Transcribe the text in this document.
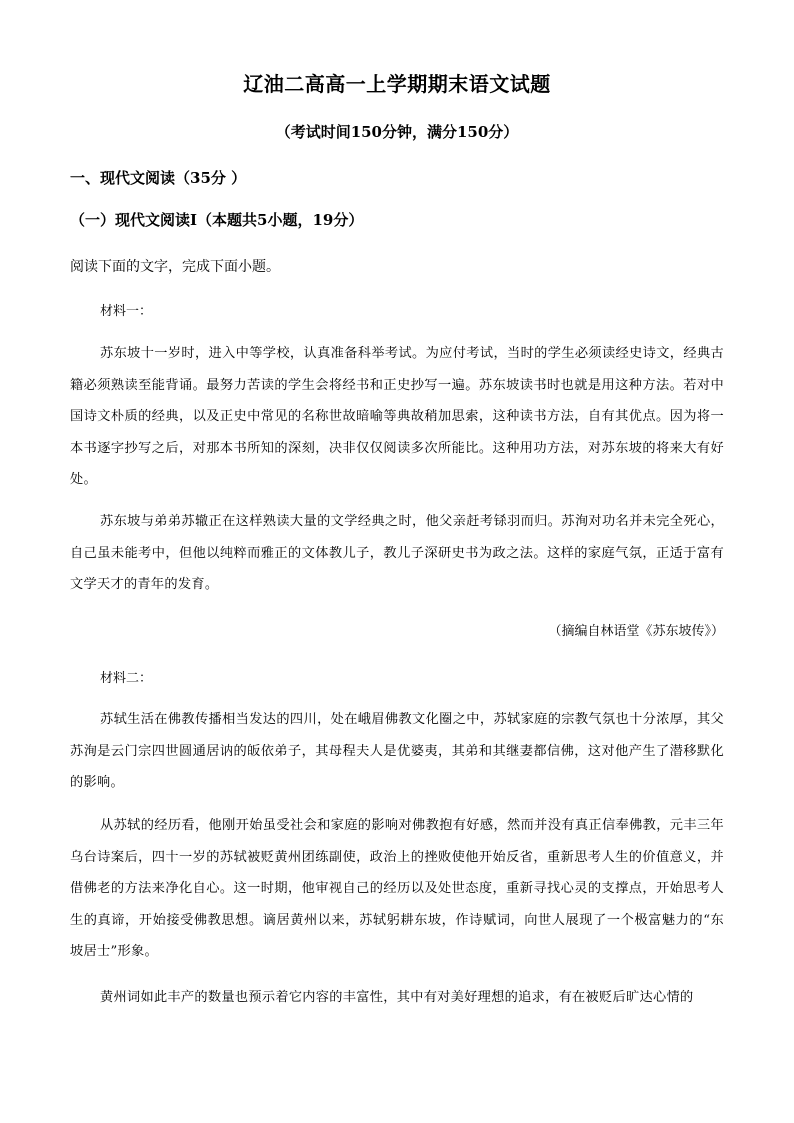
辽油二高高一上学期期末语文试题
（考试时间150分钟，满分150分）
一、现代文阅读（35分 ）
（一）现代文阅读Ⅰ（本题共5小题，19分）
阅读下面的文字，完成下面小题。
材料一：
苏东坡十一岁时，进入中等学校，认真准备科举考试。为应付考试，当时的学生必须读经史诗文，经典古籍必须熟读至能背诵。最努力苦读的学生会将经书和正史抄写一遍。苏东坡读书时也就是用这种方法。若对中国诗文朴质的经典，以及正史中常见的名称世故暗喻等典故稍加思索，这种读书方法，自有其优点。因为将一本书逐字抄写之后，对那本书所知的深刻，决非仅仅阅读多次所能比。这种用功方法，对苏东坡的将来大有好处。
苏东坡与弟弟苏辙正在这样熟读大量的文学经典之时，他父亲赶考铩羽而归。苏洵对功名并未完全死心，自己虽未能考中，但他以纯粹而雅正的文体教儿子，教儿子深研史书为政之法。这样的家庭气氛，正适于富有文学天才的青年的发育。
（摘编自林语堂《苏东坡传》）
材料二：
苏轼生活在佛教传播相当发达的四川，处在峨眉佛教文化圈之中，苏轼家庭的宗教气氛也十分浓厚，其父苏洵是云门宗四世圆通居讷的皈依弟子，其母程夫人是优婆夷，其弟和其继妻都信佛，这对他产生了潜移默化的影响。
从苏轼的经历看，他刚开始虽受社会和家庭的影响对佛教抱有好感，然而并没有真正信奉佛教，元丰三年乌台诗案后，四十一岁的苏轼被贬黄州团练副使，政治上的挫败使他开始反省，重新思考人生的价值意义，并借佛老的方法来净化自心。这一时期，他审视自己的经历以及处世态度，重新寻找心灵的支撑点，开始思考人生的真谛，开始接受佛教思想。谪居黄州以来，苏轼躬耕东坡，作诗赋词，向世人展现了一个极富魅力的“东坡居士”形象。
黄州词如此丰产的数量也预示着它内容的丰富性，其中有对美好理想的追求，有在被贬后旷达心情的
